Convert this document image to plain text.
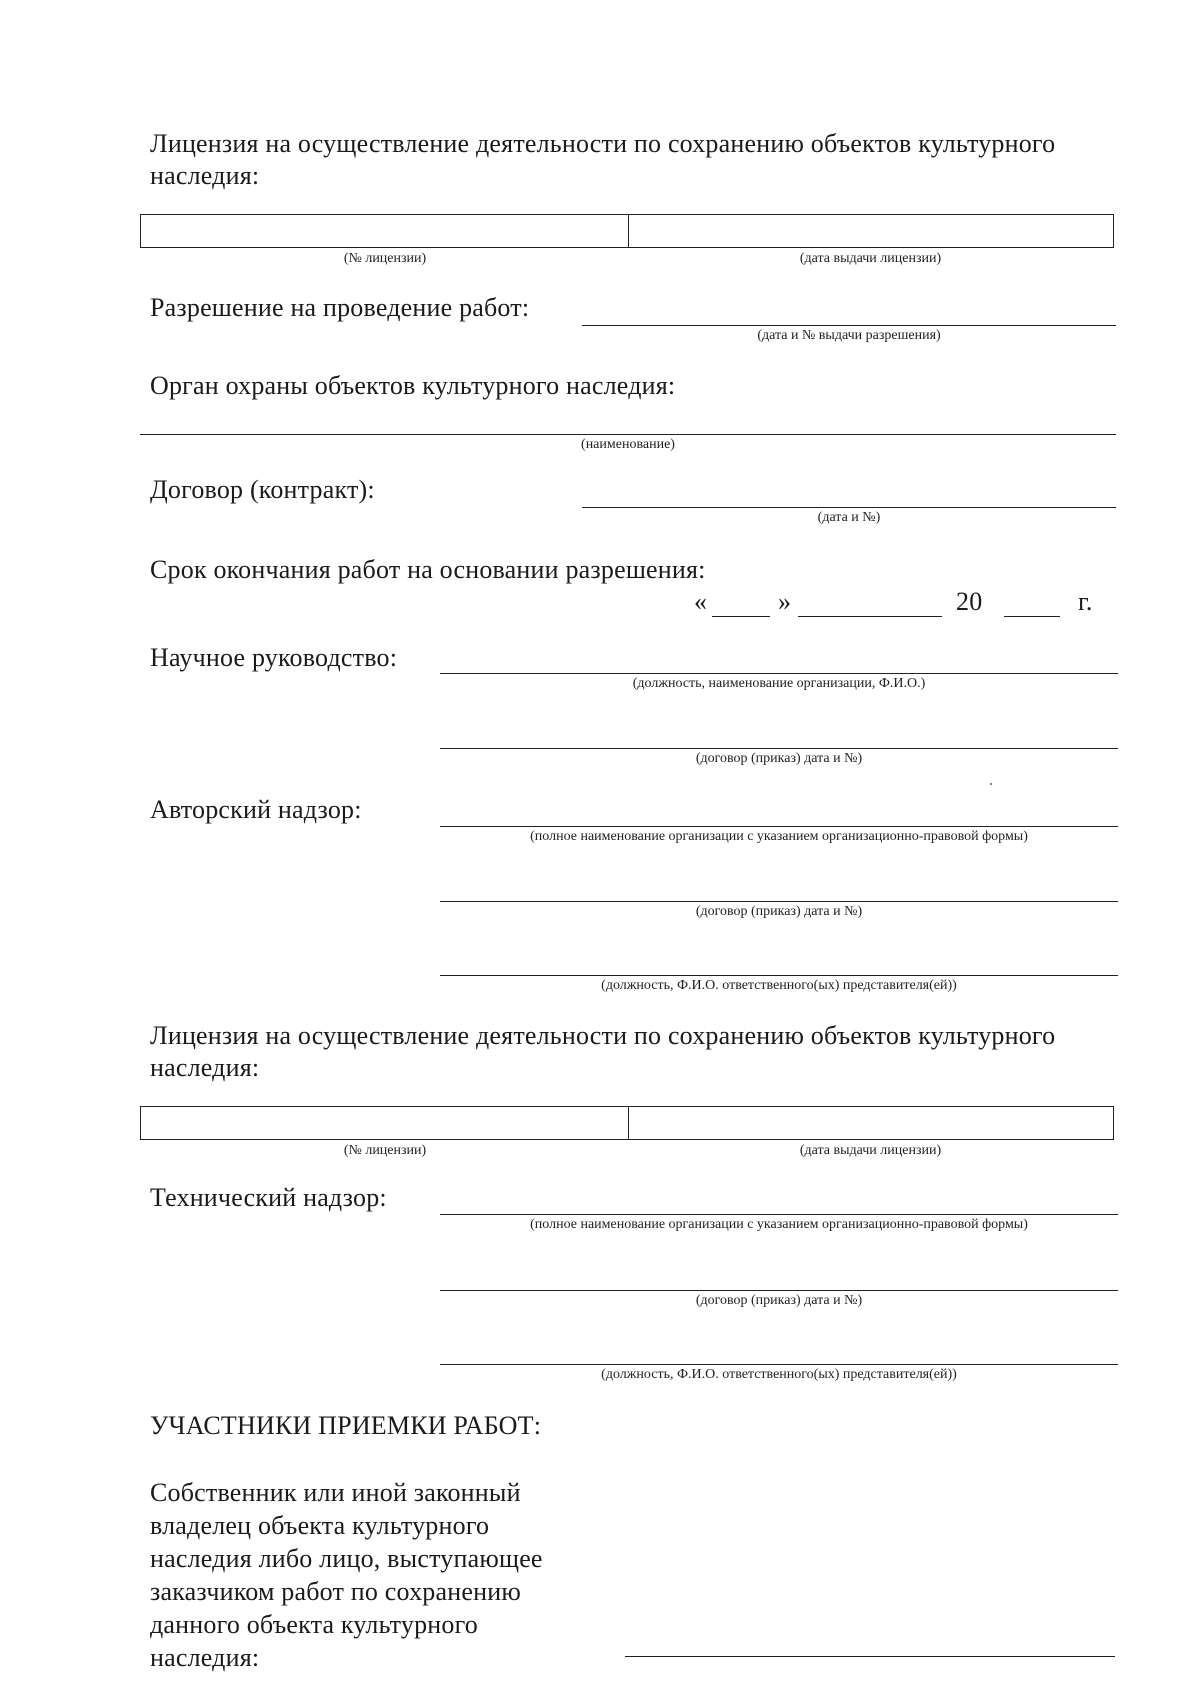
Лицензия на осуществление деятельности по сохранению объектов культурного наследия:

(№ лицензии)	(дата выдачи лицензии)

Разрешение на проведение работ:

(дата и № выдачи разрешения)

Орган охраны объектов культурного наследия:

(наименование)

Договор (контракт):

(дата и №)

Срок окончания работ на основании разрешения:

«	»	20	г.

Научное руководство:

(должность, наименование организации, Ф.И.О.)

(договор (приказ) дата и №)

Авторский надзор:

(полное наименование организации с указанием организационно-правовой формы)

(договор (приказ) дата и №)

(должность, Ф.И.О. ответственного(ых) представителя(ей))

Лицензия на осуществление деятельности по сохранению объектов культурного наследия:

(№ лицензии)	(дата выдачи лицензии)

Технический надзор:

(полное наименование организации с указанием организационно-правовой формы)

(договор (приказ) дата и №)

(должность, Ф.И.О. ответственного(ых) представителя(ей))

УЧАСТНИКИ ПРИЕМКИ РАБОТ:

Собственник или иной законный владелец объекта культурного наследия либо лицо, выступающее заказчиком работ по сохранению данного объекта культурного наследия:
